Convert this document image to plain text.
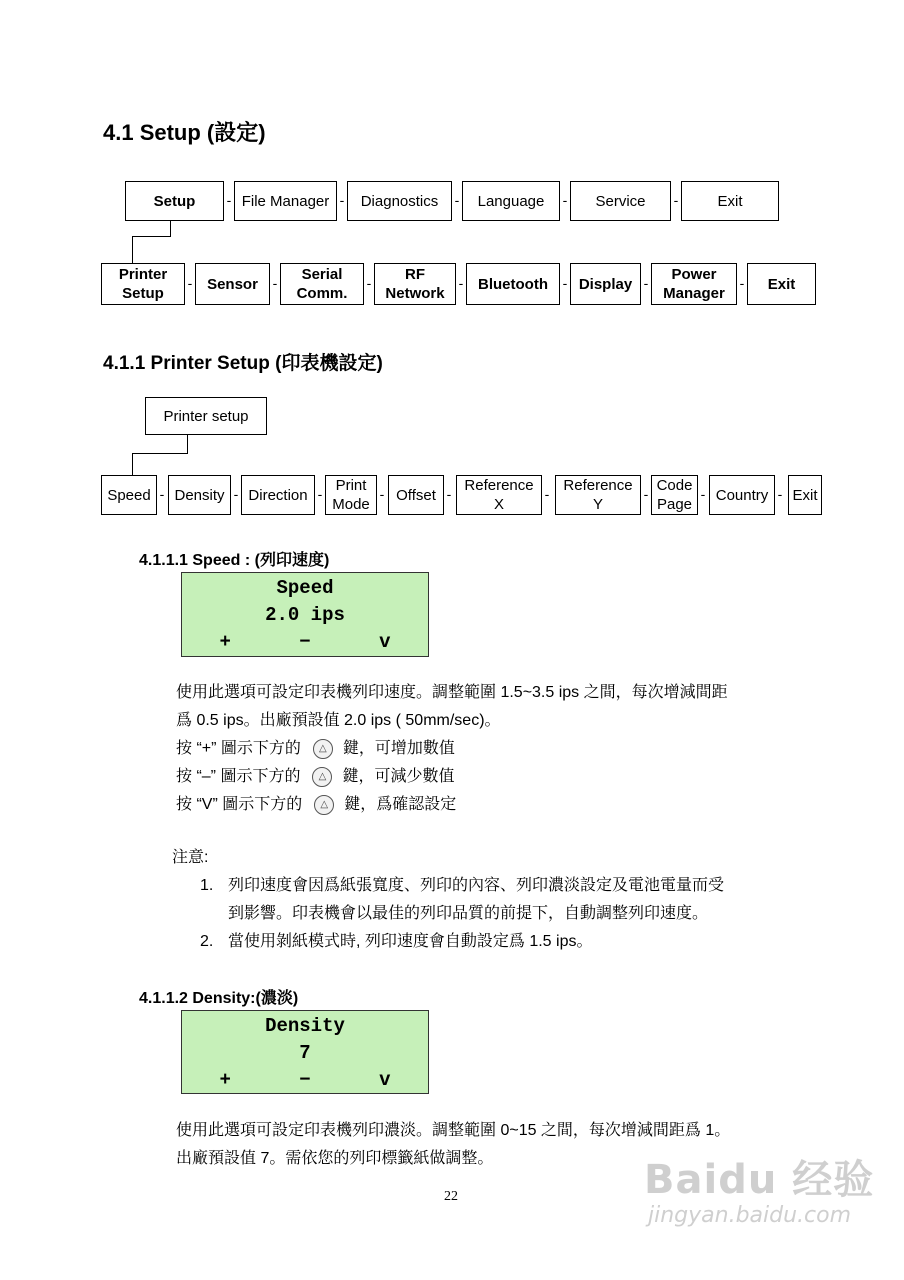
4.1 Setup (設定)
Setup	- File Manager -	Diagnostics	-	Language	-	Service	-	Exit
Printer
Setup
- Sensor	-	Serial
Comm.
-	RF
Network
- Bluetooth	- Display -	Power
Manager
-	Exit
4.1.1 Printer Setup (印表機設定)
Printer setup
Speed - Density - Direction - Print
Mode
- Offset - Reference
X
- Reference
Y
- Code
Page
- Country - Exit
4.1.1.1 Speed : (列印速度)
Speed
2.0 ips
+      −      v
使用此選項可設定印表機列印速度。調整範圍 1.5~3.5 ips 之間，每次增減間距
爲 0.5 ips。出廠預設值 2.0 ips ( 50mm/sec)。
按 “+” 圖示下方的 △	鍵，可增加數值
按 “–” 圖示下方的 △	鍵，可減少數值
按 “V” 圖示下方的 △	鍵，爲確認設定
注意:
1. 列印速度會因爲紙張寬度、列印的內容、列印濃淡設定及電池電量而受
到影響。印表機會以最佳的列印品質的前提下，自動調整列印速度。
2. 當使用剝紙模式時, 列印速度會自動設定爲 1.5 ips。
4.1.1.2 Density:(濃淡)
Density
7
+      −      v
使用此選項可設定印表機列印濃淡。調整範圍 0~15 之間，每次增減間距爲 1。
出廠預設值 7。需依您的列印標籤紙做調整。
22	Baidu 经验
jingyan.baidu.com
